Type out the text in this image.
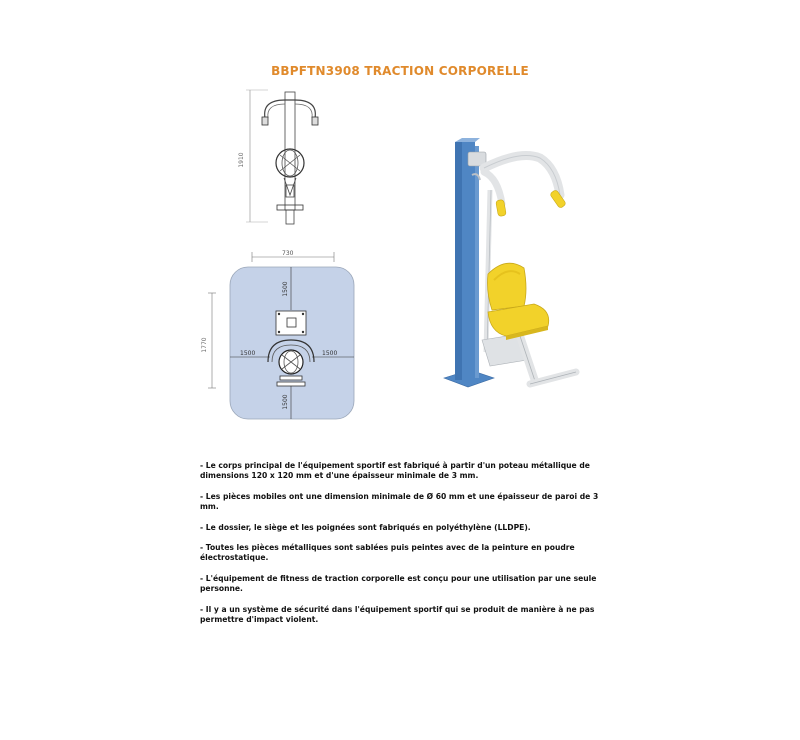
BBPFTN3908 TRACTION CORPORELLE
1910
730
1500
1770
1500	1500
1500
- Le corps principal de l'équipement sportif est fabriqué à partir d'un poteau métallique de dimensions 120 x 120 mm et d'une épaisseur minimale de 3 mm.
- Les pièces mobiles ont une dimension minimale de Ø 60 mm et une épaisseur de paroi de 3 mm.
- Le dossier, le siège et les poignées sont fabriqués en polyéthylène (LLDPE).
- Toutes les pièces métalliques sont sablées puis peintes avec de la peinture en poudre électrostatique.
- L'équipement de fitness de traction corporelle est conçu pour une utilisation par une seule personne.
- Il y a un système de sécurité dans l'équipement sportif qui se produit de manière à ne pas permettre d'impact violent.
